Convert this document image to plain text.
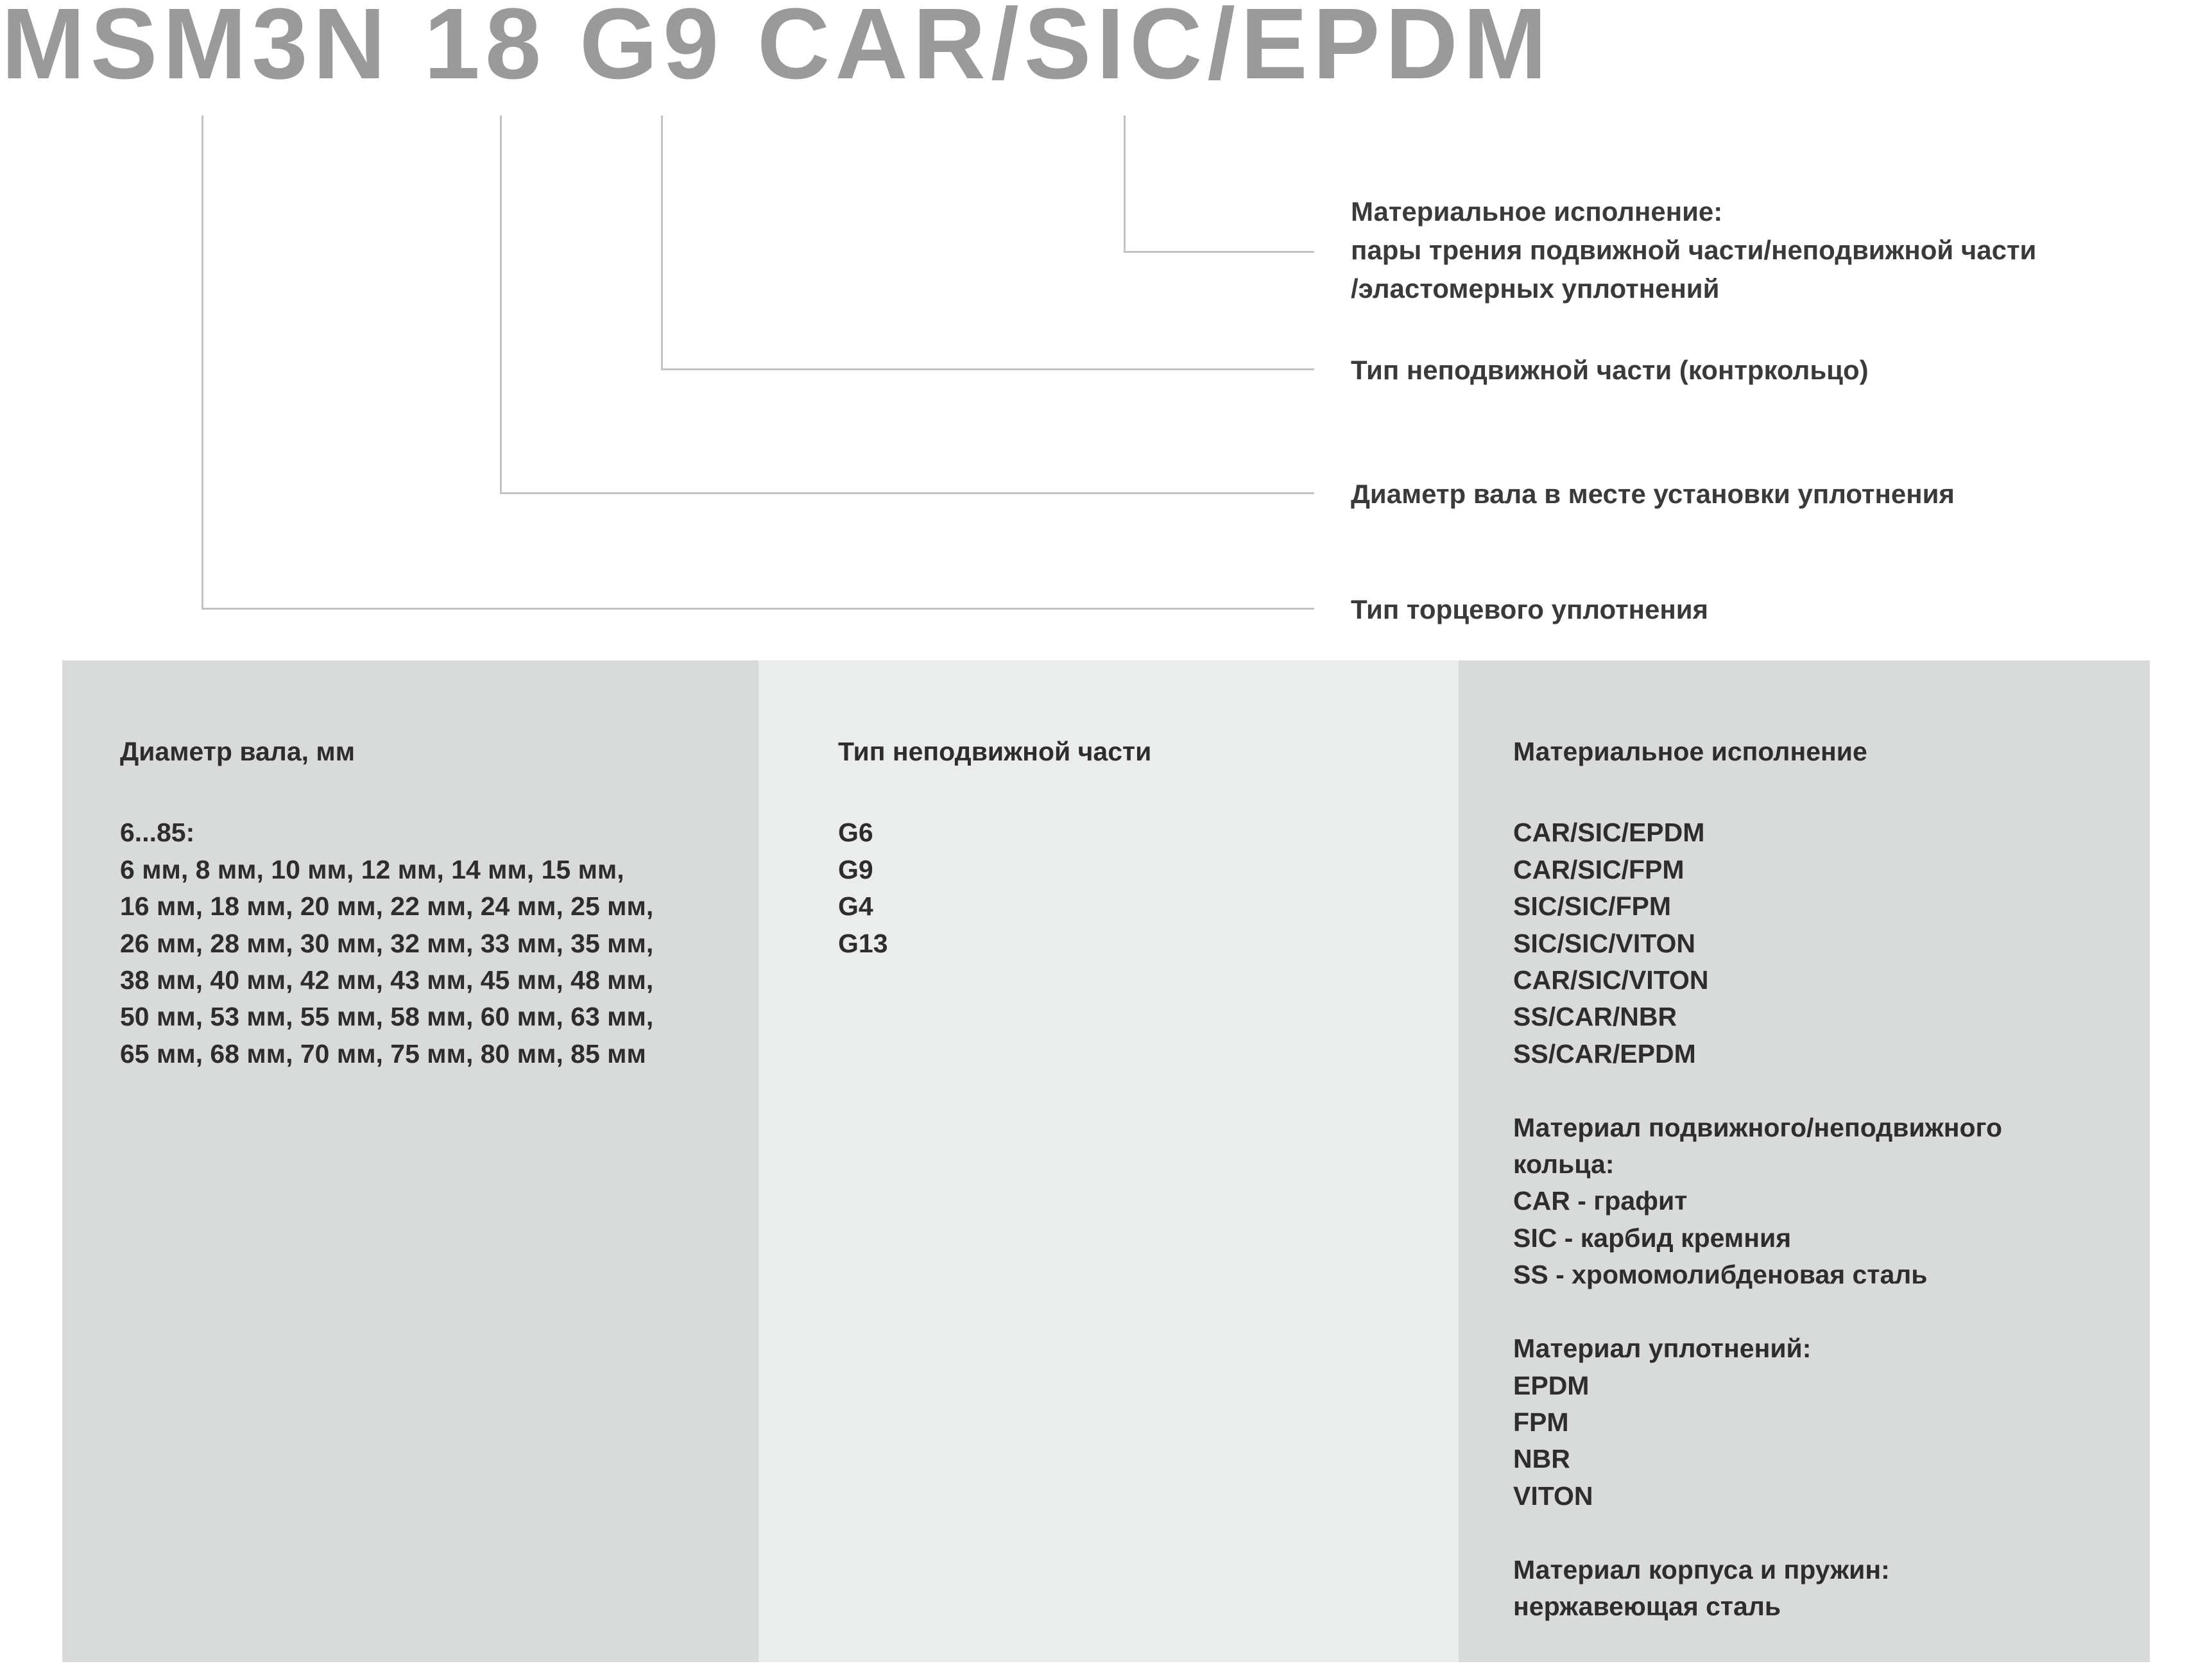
MSM3N 18 G9 CAR/SIC/EPDM
Материальное исполнение:
пары трения подвижной части/неподвижной части
/эластомерных уплотнений
Тип неподвижной части (контркольцо)
Диаметр вала в месте установки уплотнения
Тип торцевого уплотнения
Диаметр вала, мм
6...85:
6 мм, 8 мм, 10 мм, 12 мм, 14 мм, 15 мм,
16 мм, 18 мм, 20 мм, 22 мм, 24 мм, 25 мм,
26 мм, 28 мм, 30 мм, 32 мм, 33 мм, 35 мм,
38 мм, 40 мм, 42 мм, 43 мм, 45 мм, 48 мм,
50 мм, 53 мм, 55 мм, 58 мм, 60 мм, 63 мм,
65 мм, 68 мм, 70 мм, 75 мм, 80 мм, 85 мм
Тип неподвижной части
G6
G9
G4
G13
Материальное исполнение
CAR/SIC/EPDM
CAR/SIC/FPM
SIC/SIC/FPM
SIC/SIC/VITON
CAR/SIC/VITON
SS/CAR/NBR
SS/CAR/EPDM

Материал подвижного/неподвижного
кольца:
CAR - графит
SIC - карбид кремния
SS - хромомолибденовая сталь

Материал уплотнений:
EPDM
FPM
NBR
VITON

Материал корпуса и пружин:
нержавеющая сталь
